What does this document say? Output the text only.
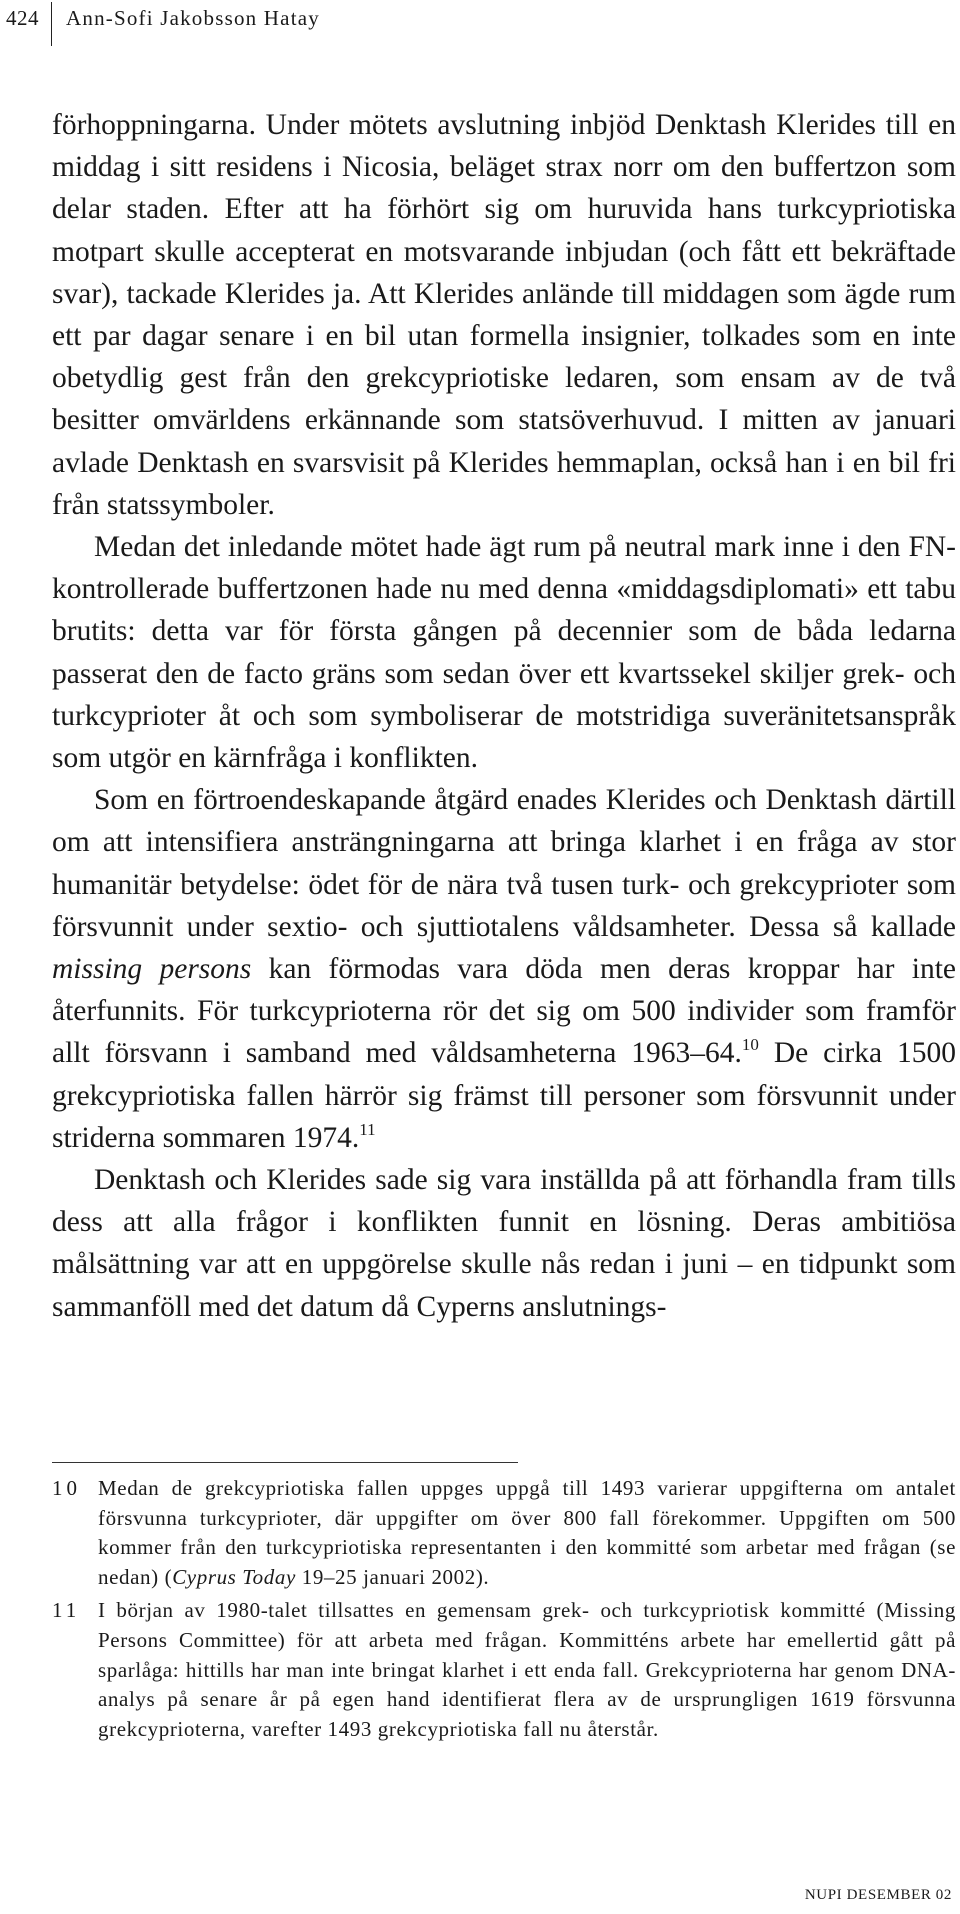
424 Ann-Sofi Jakobsson Hatay

förhoppningarna. Under mötets avslutning inbjöd Denktash Klerides till en middag i sitt residens i Nicosia, beläget strax norr om den buffertzon som delar staden. Efter att ha förhört sig om huruvida hans turkcypriotiska motpart skulle accepterat en motsvarande inbjudan (och fått ett bekräftade svar), tackade Klerides ja. Att Klerides anlände till middagen som ägde rum ett par dagar senare i en bil utan formella insignier, tolkades som en inte obetydlig gest från den grekcypriotiske ledaren, som ensam av de två besitter omvärldens erkännande som statsöverhuvud. I mitten av januari avlade Denktash en svarsvisit på Klerides hemmaplan, också han i en bil fri från statssymboler.

Medan det inledande mötet hade ägt rum på neutral mark inne i den FN-kontrollerade buffertzonen hade nu med denna «middagsdiplomati» ett tabu brutits: detta var för första gången på decennier som de båda ledarna passerat den de facto gräns som sedan över ett kvartssekel skiljer grek- och turkcyprioter åt och som symboliserar de motstridiga suveränitetsanspråk som utgör en kärnfråga i konflikten.

Som en förtroendeskapande åtgärd enades Klerides och Denktash därtill om att intensifiera ansträngningarna att bringa klarhet i en fråga av stor humanitär betydelse: ödet för de nära två tusen turk- och grekcyprioter som försvunnit under sextio- och sjuttiotalens våldsamheter. Dessa så kallade missing persons kan förmodas vara döda men deras kroppar har inte återfunnits. För turkcyprioterna rör det sig om 500 individer som framför allt försvann i samband med våldsamheterna 1963–64.10 De cirka 1500 grekcypriotiska fallen härrör sig främst till personer som försvunnit under striderna sommaren 1974.11

Denktash och Klerides sade sig vara inställda på att förhandla fram tills dess att alla frågor i konflikten funnit en lösning. Deras ambitiösa målsättning var att en uppgörelse skulle nås redan i juni – en tidpunkt som sammanföll med det datum då Cyperns anslutnings-

10 Medan de grekcypriotiska fallen uppges uppgå till 1493 varierar uppgifterna om antalet försvunna turkcyprioter, där uppgifter om över 800 fall förekommer. Uppgiften om 500 kommer från den turkcypriotiska representanten i den kommitté som arbetar med frågan (se nedan) (Cyprus Today 19–25 januari 2002).
11 I början av 1980-talet tillsattes en gemensam grek- och turkcypriotisk kommitté (Missing Persons Committee) för att arbeta med frågan. Kommitténs arbete har emellertid gått på sparlåga: hittills har man inte bringat klarhet i ett enda fall. Grekcyprioterna har genom DNA-analys på senare år på egen hand identifierat flera av de ursprungligen 1619 försvunna grekcyprioterna, varefter 1493 grekcypriotiska fall nu återstår.
NUPI DESEMBER 02
